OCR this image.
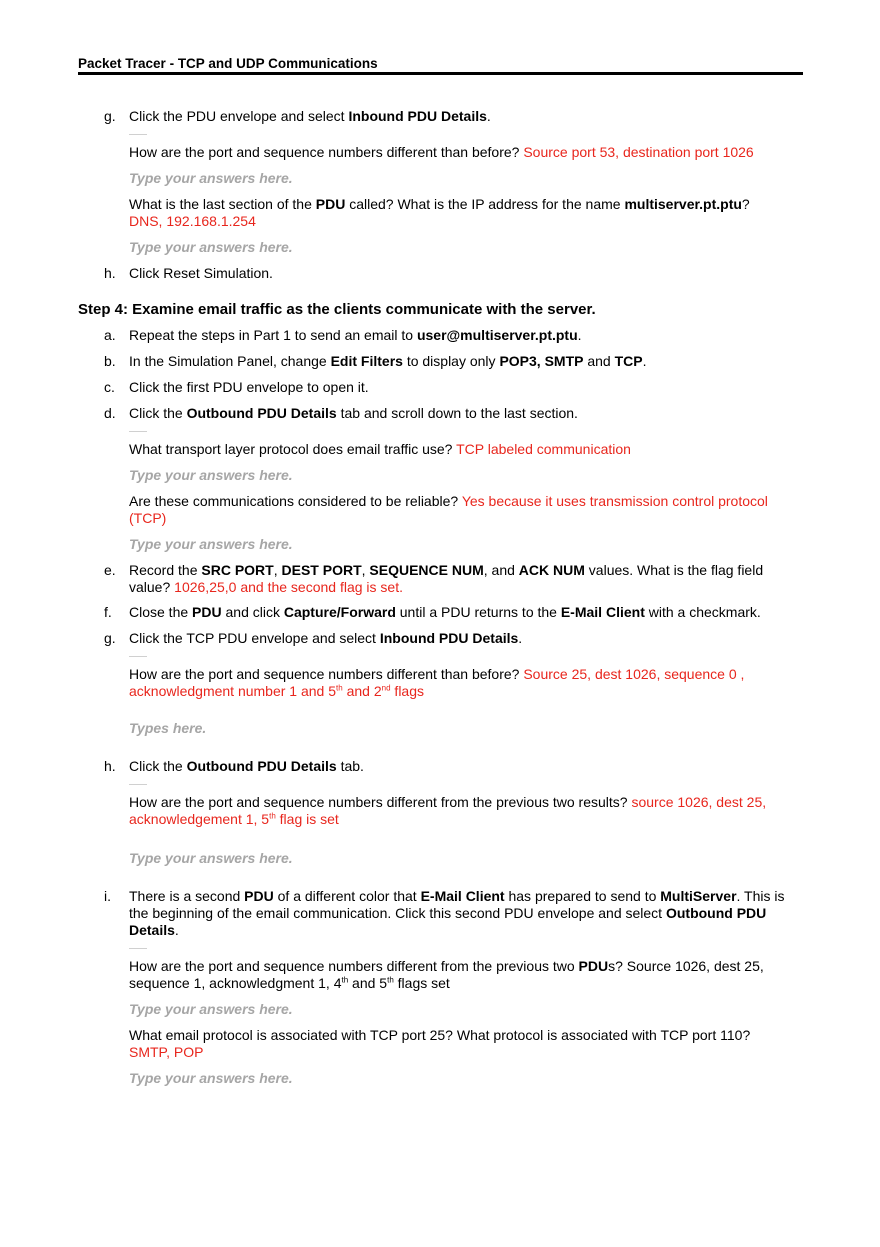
Packet Tracer - TCP and UDP Communications
g. Click the PDU envelope and select Inbound PDU Details.
How are the port and sequence numbers different than before? Source port 53, destination port 1026
Type your answers here.
What is the last section of the PDU called? What is the IP address for the name multiserver.pt.ptu?
DNS, 192.168.1.254
Type your answers here.
h. Click Reset Simulation.
Step 4: Examine email traffic as the clients communicate with the server.
a. Repeat the steps in Part 1 to send an email to user@multiserver.pt.ptu.
b. In the Simulation Panel, change Edit Filters to display only POP3, SMTP and TCP.
c.	Click the first PDU envelope to open it.
d. Click the Outbound PDU Details tab and scroll down to the last section.
What transport layer protocol does email traffic use? TCP labeled communication
Type your answers here.
Are these communications considered to be reliable? Yes because it uses transmission control protocol (TCP)
Type your answers here.
e. Record the SRC PORT, DEST PORT, SEQUENCE NUM, and ACK NUM values. What is the flag field value? 1026,25,0 and the second flag is set.
f.	Close the PDU and click Capture/Forward until a PDU returns to the E-Mail Client with a checkmark.
g. Click the TCP PDU envelope and select Inbound PDU Details.
How are the port and sequence numbers different than before? Source 25, dest 1026, sequence 0 , acknowledgment number 1 and 5th and 2nd flags
Types here.
h. Click the Outbound PDU Details tab.
How are the port and sequence numbers different from the previous two results? source 1026, dest 25, acknowledgement 1, 5th flag is set
Type your answers here.
i.	There is a second PDU of a different color that E-Mail Client has prepared to send to MultiServer. This is the beginning of the email communication. Click this second PDU envelope and select Outbound PDU Details.
How are the port and sequence numbers different from the previous two PDUs? Source 1026, dest 25, sequence 1, acknowledgment 1, 4th and 5th flags set
Type your answers here.
What email protocol is associated with TCP port 25? What protocol is associated with TCP port 110?
SMTP, POP
Type your answers here.
